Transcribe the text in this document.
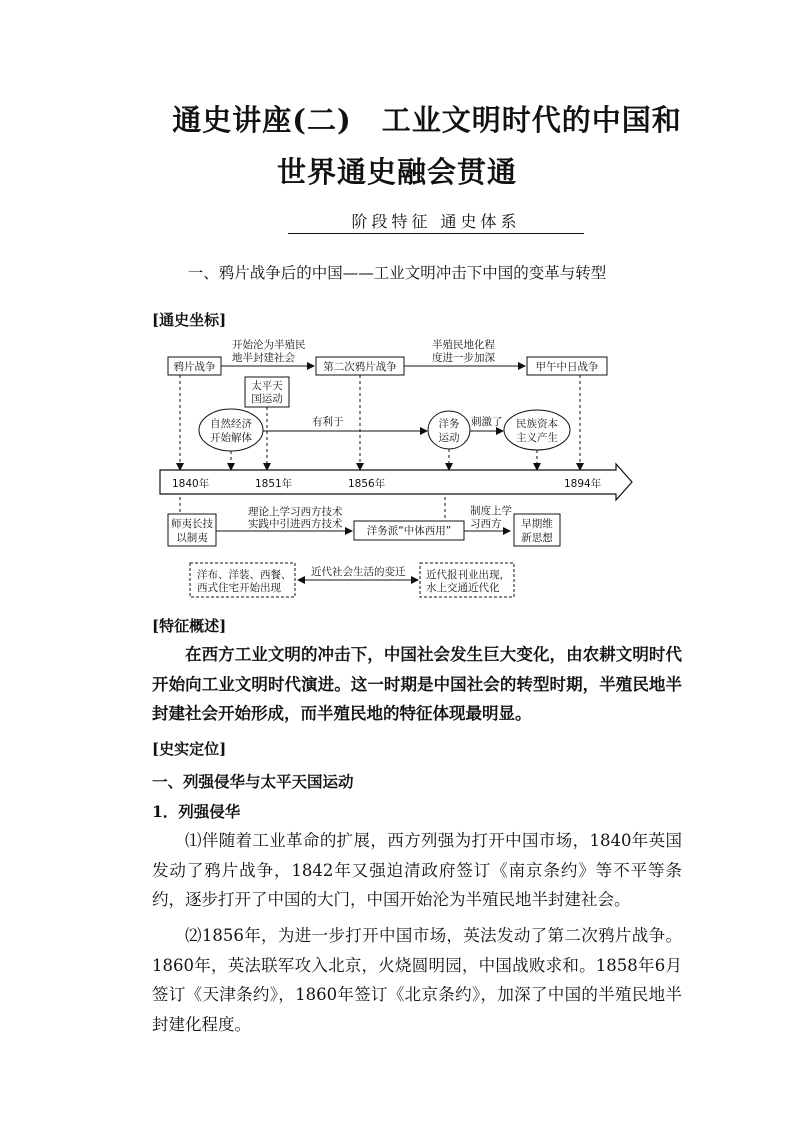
通史讲座(二)　工业文明时代的中国和
世界通史融会贯通
阶段特征 通史体系
一、鸦片战争后的中国——工业文明冲击下中国的变革与转型
[通史坐标]
鸦片战争	第二次鸦片战争	甲午中日战争
开始沦为半殖民
地半封建社会
半殖民地化程
度进一步加深
太平天
国运动
自然经济
开始解体
有利于	洋务
运动
刺激了 民族资本
主义产生
1840年	1851年	1856年	1894年
师夷长技
以制夷
理论上学习西方技术
实践中引进西方技术
洋务派“中体西用”
制度上学
习西方 早期维
新思想
洋布、洋装、西餐、
西式住宅开始出现
近代社会生活的变迁 近代报刊业出现，
水上交通近代化
[特征概述]
在西方工业文明的冲击下，中国社会发生巨大变化，由农耕文明时代开始向工业文明时代演进。这一时期是中国社会的转型时期，半殖民地半封建社会开始形成，而半殖民地的特征体现最明显。
[史实定位]
一、列强侵华与太平天国运动
1．列强侵华
⑴伴随着工业革命的扩展，西方列强为打开中国市场，1840年英国发动了鸦片战争，1842年又强迫清政府签订《南京条约》等不平等条约，逐步打开了中国的大门，中国开始沦为半殖民地半封建社会。
⑵1856年，为进一步打开中国市场，英法发动了第二次鸦片战争。1860年，英法联军攻入北京，火烧圆明园，中国战败求和。1858年6月签订《天津条约》，1860年签订《北京条约》，加深了中国的半殖民地半封建化程度。
